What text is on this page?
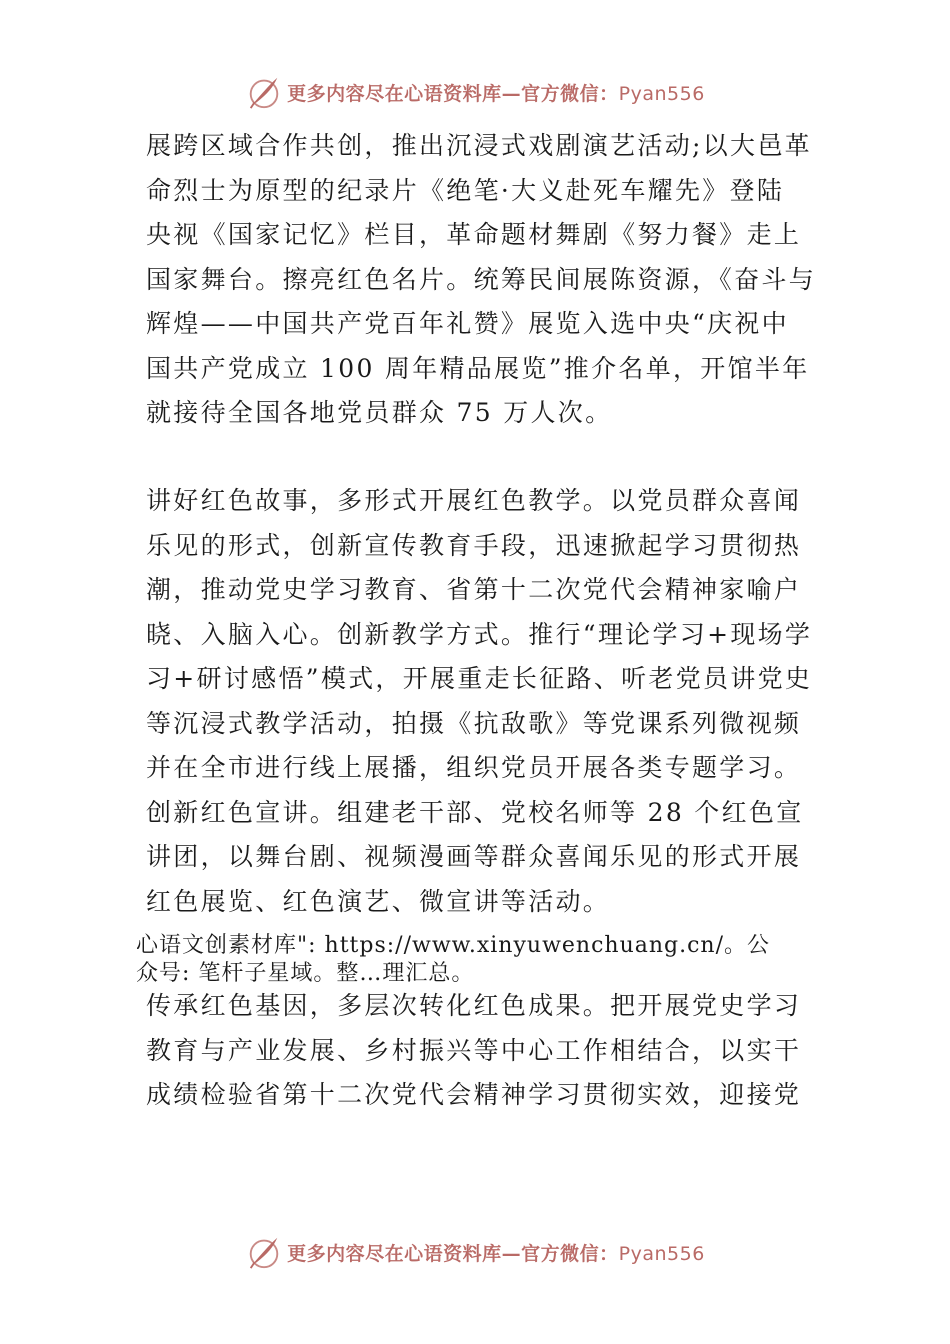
更多内容尽在心语资料库—官方微信：Pyan556
展跨区域合作共创，推出沉浸式戏剧演艺活动;以大邑革
命烈士为原型的纪录片《绝笔·大义赴死车耀先》登陆
央视《国家记忆》栏目，革命题材舞剧《努力餐》走上
国家舞台。擦亮红色名片。统筹民间展陈资源，《奋斗与
辉煌——中国共产党百年礼赞》展览入选中央“庆祝中
国共产党成立 100 周年精品展览”推介名单，开馆半年
就接待全国各地党员群众 75 万人次。
讲好红色故事，多形式开展红色教学。以党员群众喜闻
乐见的形式，创新宣传教育手段，迅速掀起学习贯彻热
潮，推动党史学习教育、省第十二次党代会精神家喻户
晓、入脑入心。创新教学方式。推行“理论学习+现场学
习+研讨感悟”模式，开展重走长征路、听老党员讲党史
等沉浸式教学活动，拍摄《抗敌歌》等党课系列微视频
并在全市进行线上展播，组织党员开展各类专题学习。
创新红色宣讲。组建老干部、党校名师等 28 个红色宣
讲团，以舞台剧、视频漫画等群众喜闻乐见的形式开展
红色展览、红色演艺、微宣讲等活动。
心语文创素材库": https://www.xinyuwenchuang.cn/。公
众号: 笔杆子星域。整…理汇总。
传承红色基因，多层次转化红色成果。把开展党史学习
教育与产业发展、乡村振兴等中心工作相结合，以实干
成绩检验省第十二次党代会精神学习贯彻实效，迎接党
更多内容尽在心语资料库—官方微信：Pyan556
